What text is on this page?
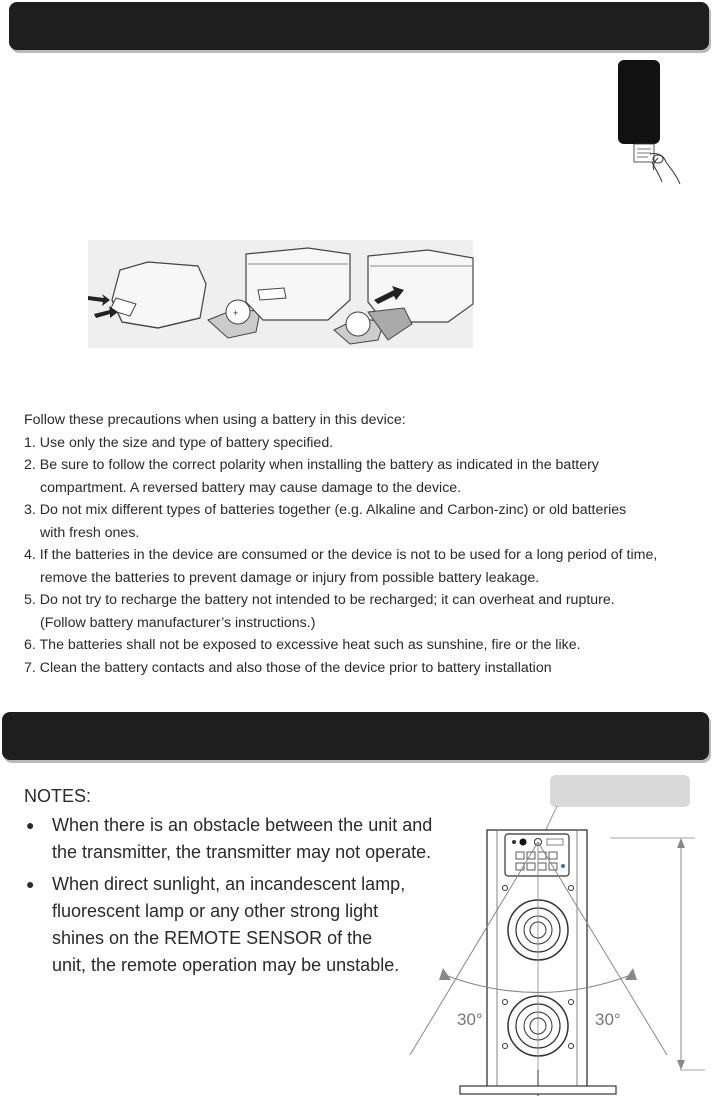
+
Follow these precautions when using a battery in this device:
1. Use only the size and type of battery specified.
2. Be sure to follow the correct polarity when installing the battery as indicated in the battery
compartment. A reversed battery may cause damage to the device.
3. Do not mix different types of batteries together (e.g. Alkaline and Carbon-zinc) or old batteries
with fresh ones.
4. If the batteries in the device are consumed or the device is not to be used for a long period of time,
remove the batteries to prevent damage or injury from possible battery leakage.
5. Do not try to recharge the battery not intended to be recharged; it can overheat and rupture.
(Follow battery manufacturer’s instructions.)
6. The batteries shall not be exposed to excessive heat such as sunshine, fire or the like.
7. Clean the battery contacts and also those of the device prior to battery installation
NOTES:
● When there is an obstacle between the unit and
the transmitter, the transmitter may not operate.
● When direct sunlight, an incandescent lamp,
fluorescent lamp or any other strong light
shines on the REMOTE SENSOR of the
unit, the remote operation may be unstable.
30°	30°
